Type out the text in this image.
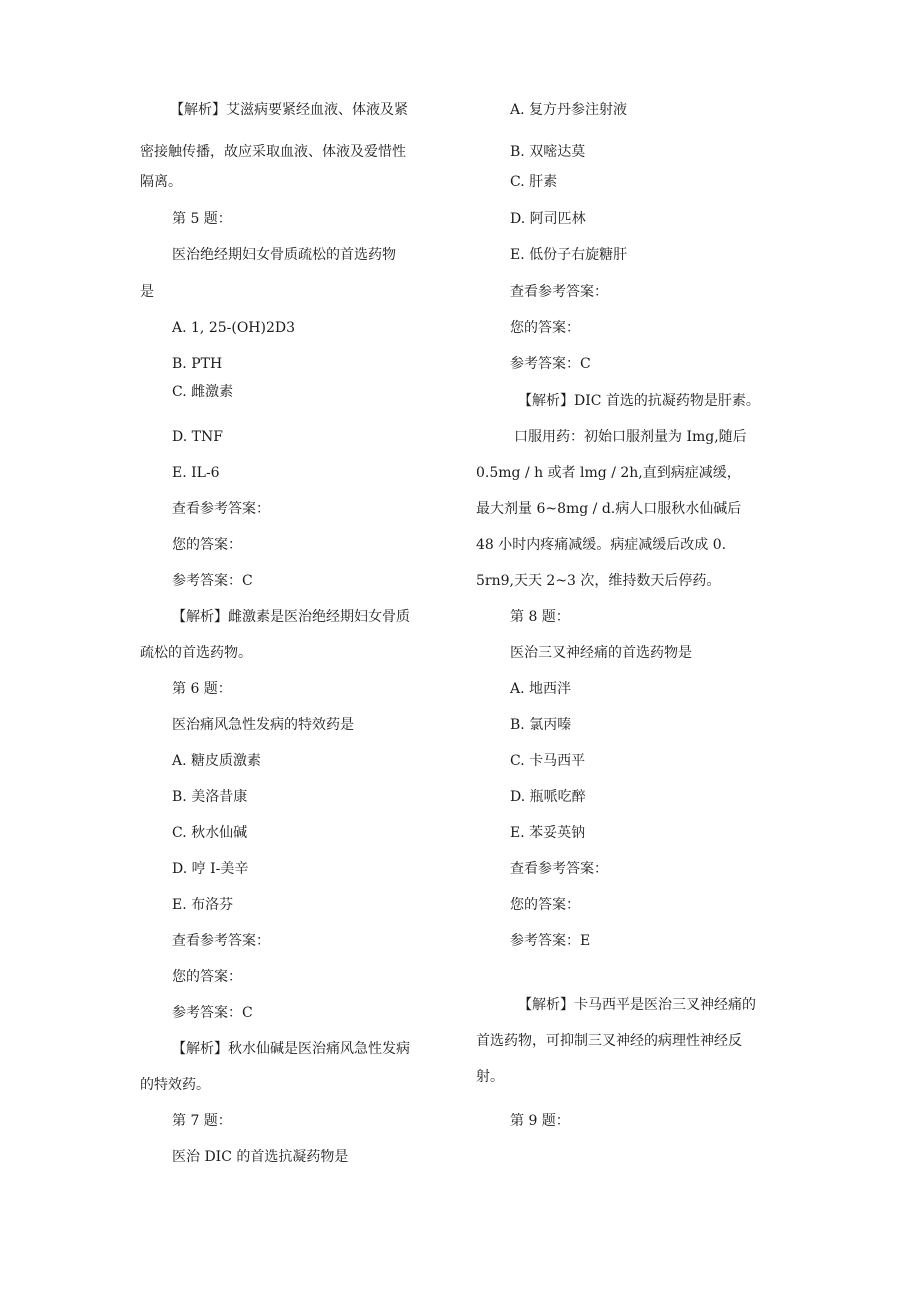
【解析】艾滋病要紧经血液、体液及紧
密接触传播，故应采取血液、体液及爱惜性
隔离。
第 5 题：
医治绝经期妇女骨质疏松的首选药物
是
A. 1, 25-(OH)2D3
B. PTH
C. 雌激素
D. TNF
E. IL-6
查看参考答案：
您的答案：
参考答案：C
【解析】雌激素是医治绝经期妇女骨质
疏松的首选药物。
第 6 题：
医治痛风急性发病的特效药是
A. 糖皮质激素
B. 美洛昔康
C. 秋水仙碱
D. 哼 I-美辛
E. 布洛芬
查看参考答案：
您的答案：
参考答案：C
【解析】秋水仙碱是医治痛风急性发病
的特效药。
第 7 题：
医治 DIC 的首选抗凝药物是
A. 复方丹参注射液
B. 双嘧达莫
C. 肝素
D. 阿司匹林
E. 低份子右旋糖肝
查看参考答案：
您的答案：
参考答案：C
【解析】DIC 首选的抗凝药物是肝素。
口服用药：初始口服剂量为 Img,随后
0.5mg / h 或者 lmg / 2h,直到病症减缓，
最大剂量 6~8mg / d.病人口服秋水仙碱后
48 小时内疼痛减缓。病症减缓后改成 0.
5rn9,天天 2~3 次，维持数天后停药。
第 8 题：
医治三叉神经痛的首选药物是
A. 地西泮
B. 氯丙嗪
C. 卡马西平
D. 瓶哌吃醉
E. 苯妥英钠
查看参考答案：
您的答案：
参考答案：E
【解析】卡马西平是医治三叉神经痛的
首选药物，可抑制三叉神经的病理性神经反
射。
第 9 题：
